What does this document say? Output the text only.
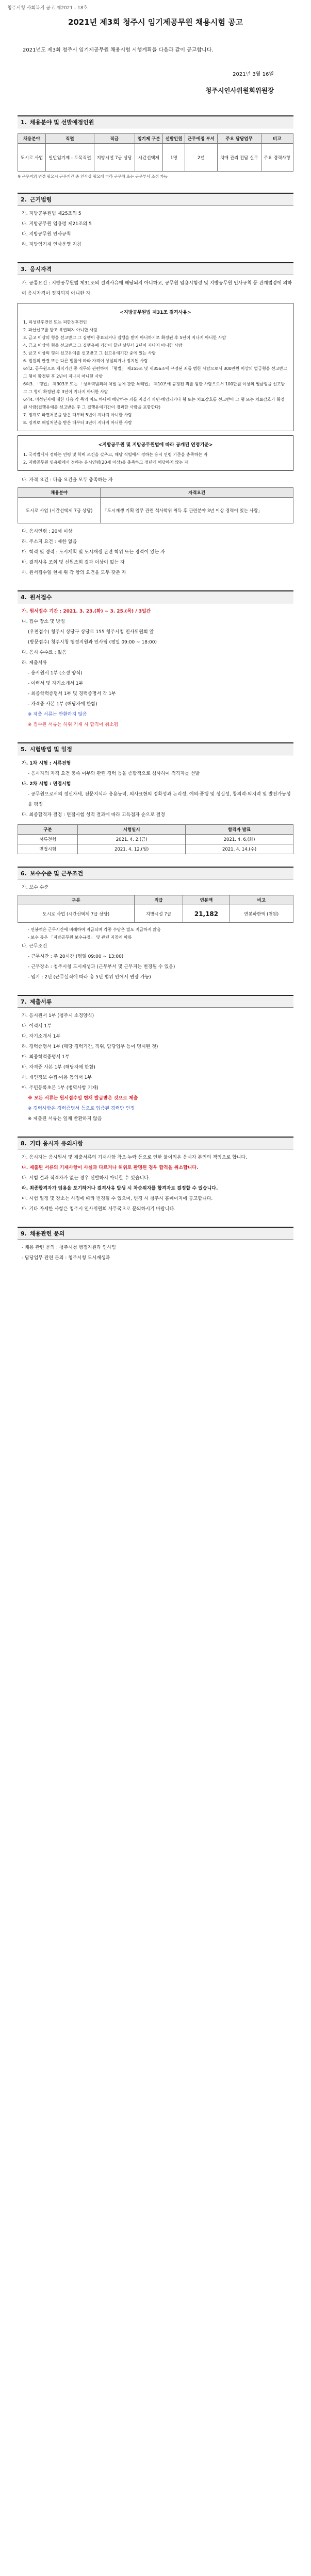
청주시청 사회복지 공고 제2021 - 18호
2021년 제3회 청주시 임기제공무원 채용시험 공고

2021년도 제3회 청주시 임기제공무원 채용시험 시행계획을 다음과 같이 공고합니다.

2021년 3월 16일
청주시인사위원회위원장
1. 채용분야 및 선발예정인원
채용분야	직렬	직급	임기제 구분	선발인원	근무예정 부서	주요 담당업무	비고
도시로 사업	일반임기제 - 토목직렬	지방시설 7급 상당	시간선택제	1명	2년	치매 관리 전담 실무	주요 경력사항
※ 근무지의 변경 필요시 근무기간 중 인사상 필요에 따라 근무처 또는 근무부서 조정 가능
2. 근거법령

가. 지방공무원법 제25조의 5

나. 지방공무원 임용령 제21조의 5

다. 지방공무원 인사규칙

라. 지방임기제 인사운영 지침

3. 응시자격

가. 공통요건 : 지방공무원법 제31조의 결격사유에 해당되지 아니하고, 공무원 임용시험령 및 지방공무원 인사규칙 등 관계법령에 의하여 응시자격이 정지되지 아니한 자

<지방공무원법 제31조 결격사유>

1. 피성년후견인 또는 피한정후견인

2. 파산선고를 받고 복권되지 아니한 사람

3. 금고 이상의 형을 선고받고 그 집행이 종료되거나 집행을 받지 아니하기로 확정된 후 5년이 지나지 아니한 사람

4. 금고 이상의 형을 선고받고 그 집행유예 기간이 끝난 날부터 2년이 지나지 아니한 사람

5. 금고 이상의 형의 선고유예를 선고받고 그 선고유예기간 중에 있는 사람

6. 법원의 판결 또는 다른 법률에 따라 자격이 상실되거나 정지된 사람

6의2. 공무원으로 재직기간 중 직무와 관련하여 「형법」 제355조 및 제356조에 규정된 죄를 범한 사람으로서 300만원 이상의 벌금형을 선고받고 그 형이 확정된 후 2년이 지나지 아니한 사람

6의3. 「형법」 제303조 또는 「성폭력범죄의 처벌 등에 관한 특례법」 제10조에 규정된 죄를 범한 사람으로서 100만원 이상의 벌금형을 선고받고 그 형이 확정된 후 3년이 지나지 아니한 사람

6의4. 미성년자에 대한 다음 각 목의 어느 하나에 해당하는 죄를 저질러 파면·해임되거나 형 또는 치료감호를 선고받아 그 형 또는 치료감호가 확정된 사람(집행유예를 선고받은 후 그 집행유예기간이 경과한 사람을 포함한다)

7. 징계로 파면처분을 받은 때부터 5년이 지나지 아니한 사람

8. 징계로 해임처분을 받은 때부터 3년이 지나지 아니한 사람

<지방공무원 및 지방공무원법에 따라 공개된 연령기준>

1. 국적법에서 정하는 연령 및 학력 조건을 갖추고, 해당 직렬에서 정하는 응시 연령 기준을 충족하는 자

2. 지방공무원 임용령에서 정하는 응시연령(20세 이상)을 충족하고 정년에 해당하지 않는 자

나. 자격 요건 : 다음 요건을 모두 충족하는 자

채용분야	자격요건
도시로 사업 (시간선택제 7급 상당)	「도시재생 기획 업무 관련 석사학위 취득 후 관련분야 3년 이상 경력이 있는 사람」

다. 응시연령 : 20세 이상

라. 주소지 요건 : 제한 없음

마. 학력 및 경력 : 도시계획 및 도시재생 관련 학위 또는 경력이 있는 자

바. 결격사유 조회 및 신원조회 결과 이상이 없는 자

사. 원서접수일 현재 위 각 항의 요건을 모두 갖춘 자

4. 원서접수

가. 원서접수 기간 : 2021. 3. 23.(화) ~ 3. 25.(목) / 3일간

나. 접수 장소 및 방법

(우편접수) 청주시 상당구 상당로 155 청주시청 인사위원회 앞

(방문접수) 청주시청 행정지원과 인사팀 (평일 09:00 ~ 18:00)

다. 응시 수수료 : 없음

라. 제출서류

- 응시원서 1부 (소정 양식)

- 이력서 및 자기소개서 1부

- 최종학력증명서 1부 및 경력증명서 각 1부

- 자격증 사본 1부 (해당자에 한함)

※ 제출 서류는 반환하지 않음

※ 접수된 서류는 허위 기재 시 합격이 취소됨

5. 시험방법 및 일정

가. 1차 시험 : 서류전형

- 응시자의 자격 요건 충족 여부와 관련 경력 등을 종합적으로 심사하여 적격자를 선발

나. 2차 시험 : 면접시험

- 공무원으로서의 정신자세, 전문지식과 응용능력, 의사표현의 정확성과 논리성, 예의·품행 및 성실성, 창의력·의지력 및 발전가능성을 평정

다. 최종합격자 결정 : 면접시험 성적 결과에 따라 고득점자 순으로 결정

구분	시험일시	합격자 발표
서류전형	2021. 4. 2.(금)	2021. 4. 6.(화)
면접시험	2021. 4. 12.(월)	2021. 4. 14.(수)
6. 보수수준 및 근무조건

가. 보수 수준

구분	직급	연봉액	비고
도시로 사업 (시간선택제 7급 상당)	지방시설 7급	21,182	연봉하한액 (천원)

- 연봉액은 근무시간에 비례하여 지급되며 각종 수당은 별도 지급하지 않음

- 보수 등은 「지방공무원 보수규정」 및 관련 지침에 따름

나. 근무조건

- 근무시간 : 주 20시간 (평일 09:00 ~ 13:00)

- 근무장소 : 청주시청 도시재생과 (근무부서 및 근무지는 변경될 수 있음)

- 임기 : 2년 (근무실적에 따라 총 5년 범위 안에서 연장 가능)

7. 제출서류

가. 응시원서 1부 (청주시 소정양식)

나. 이력서 1부

다. 자기소개서 1부

라. 경력증명서 1부 (해당 경력기간, 직위, 담당업무 등이 명시된 것)

마. 최종학력증명서 1부

바. 자격증 사본 1부 (해당자에 한함)

사. 개인정보 수집·이용 동의서 1부

아. 주민등록초본 1부 (병역사항 기재)

※ 모든 서류는 원서접수일 현재 발급받은 것으로 제출

※ 경력사항은 경력증명서 등으로 입증된 경력만 인정

※ 제출된 서류는 일체 반환하지 않음

8. 기타 응시자 유의사항

가. 응시자는 응시원서 및 제출서류의 기재사항 착오·누락 등으로 인한 불이익은 응시자 본인의 책임으로 합니다.

나. 제출된 서류의 기재사항이 사실과 다르거나 허위로 판명된 경우 합격을 취소합니다.

다. 시험 결과 적격자가 없는 경우 선발하지 아니할 수 있습니다.

라. 최종합격자가 임용을 포기하거나 결격사유 발생 시 차순위자를 합격자로 결정할 수 있습니다.

마. 시험 일정 및 장소는 사정에 따라 변경될 수 있으며, 변경 시 청주시 홈페이지에 공고합니다.

바. 기타 자세한 사항은 청주시 인사위원회 사무국으로 문의하시기 바랍니다.

9. 채용관련 문의

- 채용 관련 문의 : 청주시청 행정지원과 인사팀

- 담당업무 관련 문의 : 청주시청 도시재생과
